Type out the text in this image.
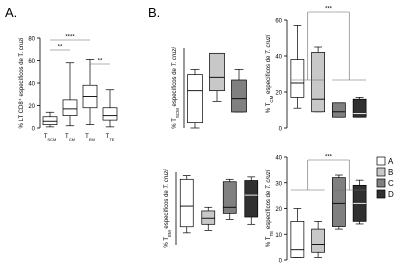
A.	B.
0
20
40
60
80
% LT CD8⁺ específicos de T. cruzi
$T_{SCM}$ $T_{CM}$ $T_{EM}$ $T_{TE}$
**
****
**
% $T_{SCM}$ específicos de T. cruzi
0
20
40
60
% $T_{CM}$ específicos de T. cruzi
***
% $T_{EM}$ específicos de T. cruzi
0
10
20
30
40
% $T_{TE}$ específicos de T. cruzi
***	A
B
C
D
